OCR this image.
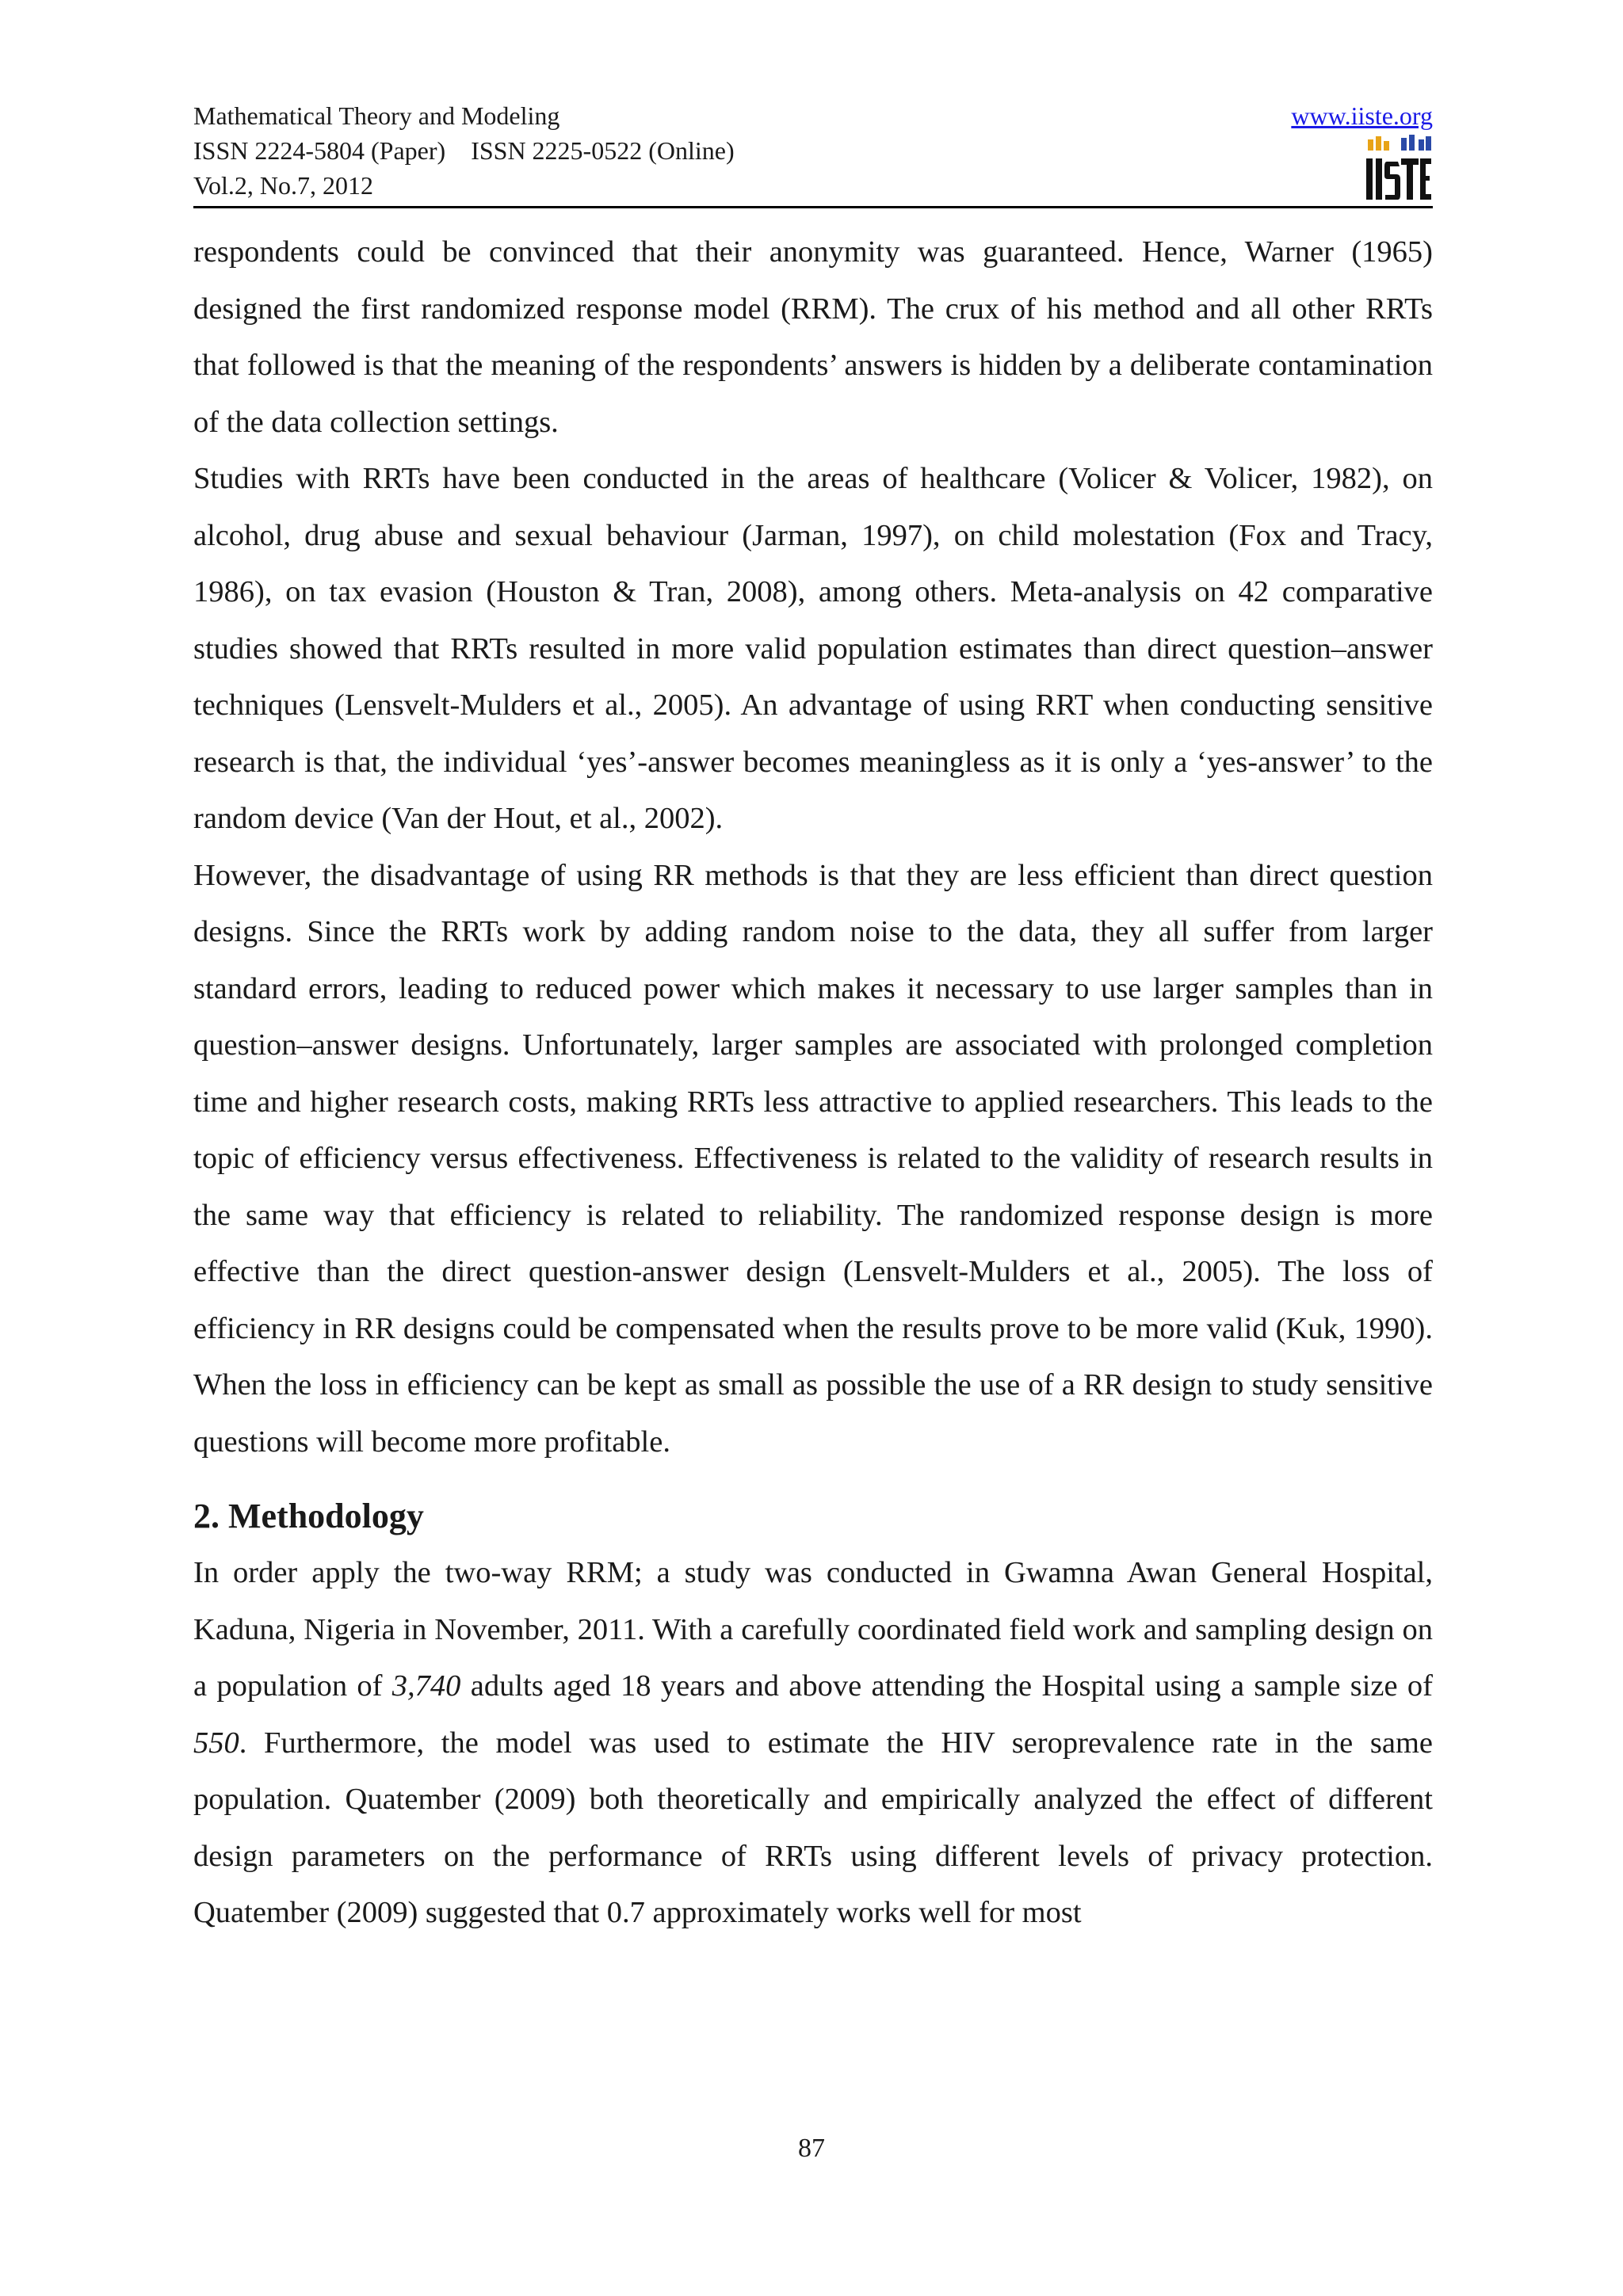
Mathematical Theory and Modeling
ISSN 2224-5804 (Paper)    ISSN 2225-0522 (Online)
Vol.2, No.7, 2012
www.iiste.org

respondents could be convinced that their anonymity was guaranteed. Hence, Warner (1965) designed the first randomized response model (RRM). The crux of his method and all other RRTs that followed is that the meaning of the respondents’ answers is hidden by a deliberate contamination of the data collection settings.

Studies with RRTs have been conducted in the areas of healthcare (Volicer & Volicer, 1982), on alcohol, drug abuse and sexual behaviour (Jarman, 1997), on child molestation (Fox and Tracy, 1986), on tax evasion (Houston & Tran, 2008), among others. Meta-analysis on 42 comparative studies showed that RRTs resulted in more valid population estimates than direct question–answer techniques (Lensvelt-Mulders et al., 2005). An advantage of using RRT when conducting sensitive research is that, the individual ‘yes’-answer becomes meaningless as it is only a ‘yes-answer’ to the random device (Van der Hout, et al., 2002).

However, the disadvantage of using RR methods is that they are less efficient than direct question designs. Since the RRTs work by adding random noise to the data, they all suffer from larger standard errors, leading to reduced power which makes it necessary to use larger samples than in question–answer designs. Unfortunately, larger samples are associated with prolonged completion time and higher research costs, making RRTs less attractive to applied researchers. This leads to the topic of efficiency versus effectiveness. Effectiveness is related to the validity of research results in the same way that efficiency is related to reliability. The randomized response design is more effective than the direct question-answer design (Lensvelt-Mulders et al., 2005). The loss of efficiency in RR designs could be compensated when the results prove to be more valid (Kuk, 1990). When the loss in efficiency can be kept as small as possible the use of a RR design to study sensitive questions will become more profitable.

2. Methodology

In order apply the two-way RRM; a study was conducted in Gwamna Awan General Hospital, Kaduna, Nigeria in November, 2011. With a carefully coordinated field work and sampling design on a population of 3,740 adults aged 18 years and above attending the Hospital using a sample size of 550. Furthermore, the model was used to estimate the HIV seroprevalence rate in the same population. Quatember (2009) both theoretically and empirically analyzed the effect of different design parameters on the performance of RRTs using different levels of privacy protection. Quatember (2009) suggested that 0.7 approximately works well for most

87
